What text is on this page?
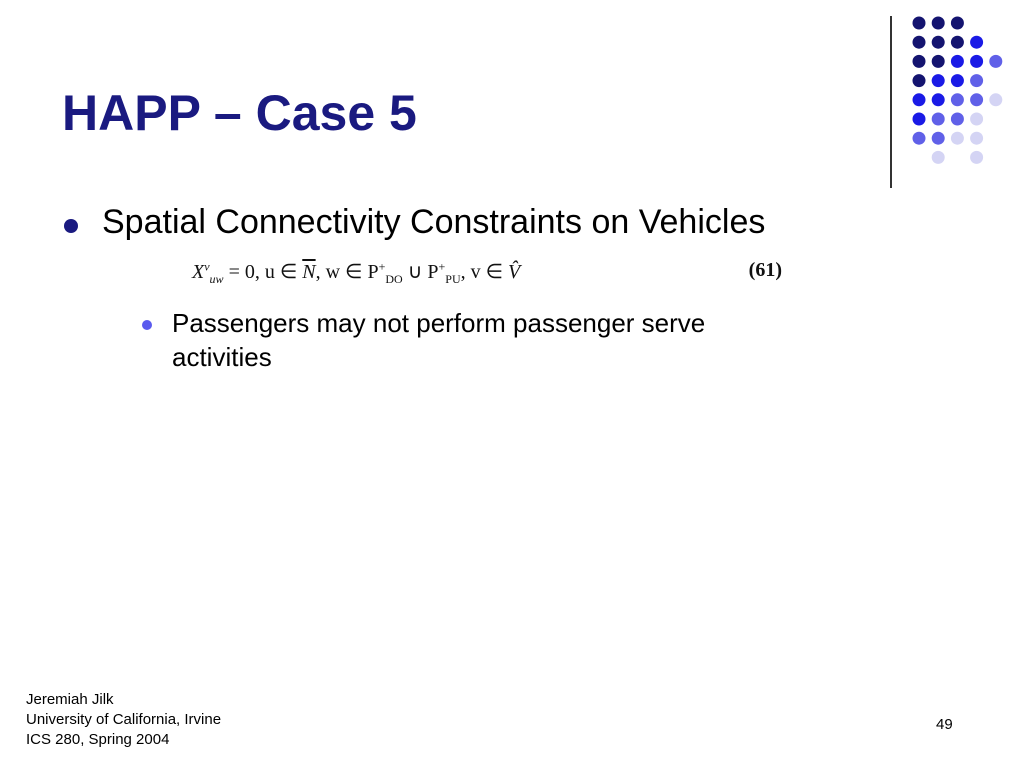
HAPP – Case 5
Spatial Connectivity Constraints on Vehicles
$X^v_{uw} = 0$, u ∈ $\overline{N}$, w ∈ $P^+_{DO}$ ∪ $P^+_{PU}$, v ∈ V̂	(61)
Passengers may not perform passenger serve activities
Jeremiah Jilk
University of California, Irvine
ICS 280, Spring 2004
49
